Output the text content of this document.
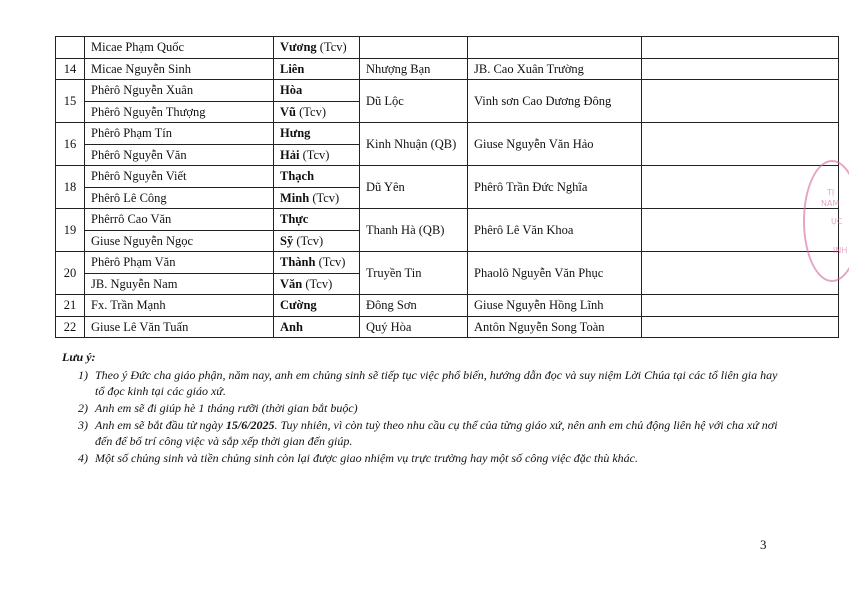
	Micae Phạm Quốc	Vương (Tcv)			
14	Micae Nguyễn Sinh	Liên	Nhượng Bạn	JB. Cao Xuân Trường	
15	Phêrô Nguyễn Xuân	Hòa	Dũ Lộc	Vinh sơn Cao Dương Đông	
	Phêrô Nguyễn Thượng	Vũ (Tcv)			
16	Phêrô Phạm Tín	Hưng	Kinh Nhuận (QB)	Giuse Nguyễn Văn Hảo	
	Phêrô Nguyễn Văn	Hải (Tcv)			
18	Phêrô Nguyễn Viết	Thạch	Dũ Yên	Phêrô Trần Đức Nghĩa	
	Phêrô Lê Công	Minh (Tcv)			
19	Phêrrô Cao Văn	Thực	Thanh Hà (QB)	Phêrô Lê Văn Khoa	
	Giuse Nguyễn Ngọc	Sỹ (Tcv)			
20	Phêrô Phạm Văn	Thành (Tcv)	Truyền Tin	Phaolô Nguyễn Văn Phục	
	JB. Nguyễn Nam	Văn (Tcv)			
21	Fx. Trần Mạnh	Cường	Đông Sơn	Giuse Nguyễn Hồng Lĩnh	
22	Giuse Lê Văn Tuấn	Anh	Quý Hòa	Antôn Nguyễn Song Toàn	
Lưu ý:
1) Theo ý Đức cha giáo phận, năm nay, anh em chủng sinh sẽ tiếp tục việc phổ biến, hướng dẫn đọc và suy niệm Lời Chúa tại các tổ liên gia hay tổ đọc kinh tại các giáo xứ.
2) Anh em sẽ đi giúp hè 1 tháng rưỡi (thời gian bắt buộc)
3) Anh em sẽ bắt đầu từ ngày 15/6/2025. Tuy nhiên, vì còn tuỳ theo nhu cầu cụ thể của từng giáo xứ, nên anh em chủ động liên hệ với cha xứ nơi đến để bố trí công việc và sắp xếp thời gian đến giúp.
4) Một số chủng sinh và tiền chủng sinh còn lại được giao nhiệm vụ trực trường hay một số công việc đặc thù khác.
3
TỊ
NAM
ỤC
INH
